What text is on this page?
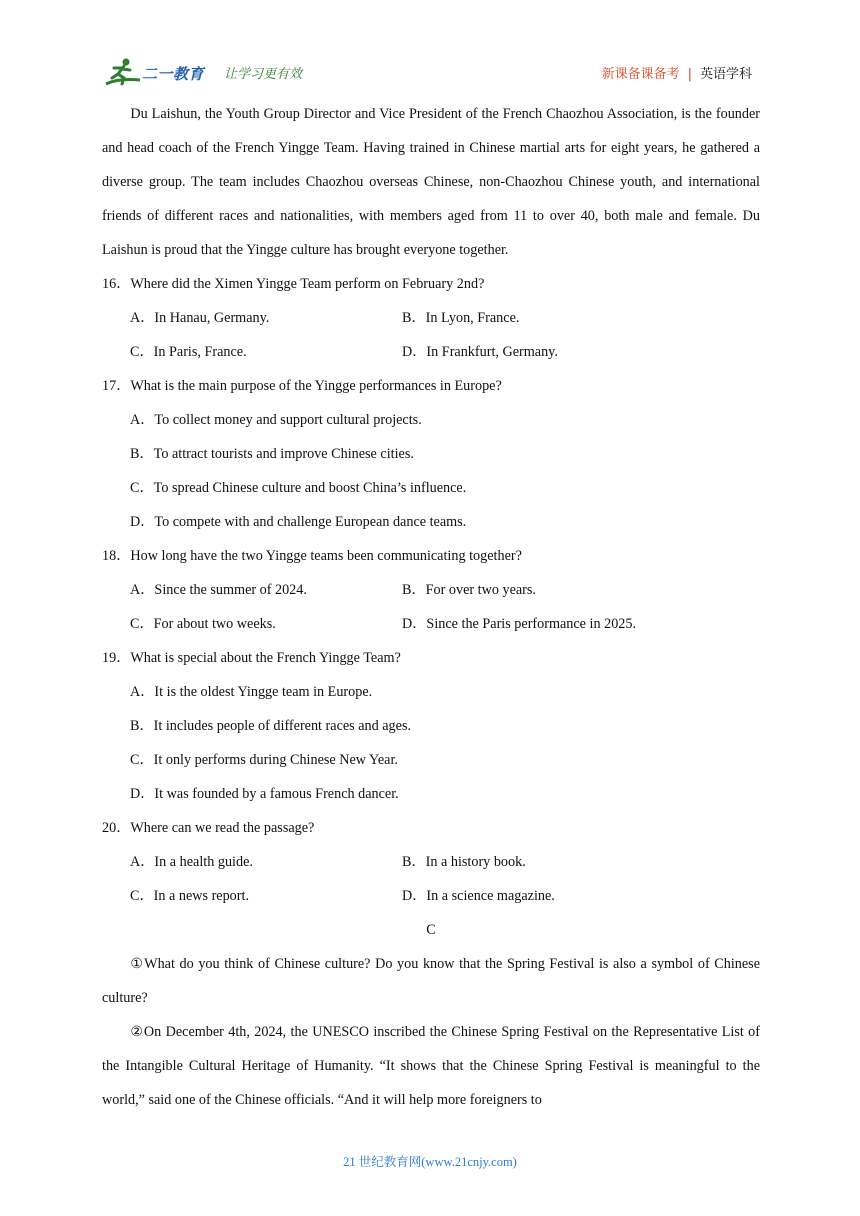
二一教育 让学习更有效	新课备课备考 | 英语学科

Du Laishun, the Youth Group Director and Vice President of the French Chaozhou Association, is the founder and head coach of the French Yingge Team. Having trained in Chinese martial arts for eight years, he gathered a diverse group. The team includes Chaozhou overseas Chinese, non-Chaozhou Chinese youth, and international friends of different races and nationalities, with members aged from 11 to over 40, both male and female. Du Laishun is proud that the Yingge culture has brought everyone together.

16．Where did the Ximen Yingge Team perform on February 2nd?

A．In Hanau, Germany.	B．In Lyon, France.
C．In Paris, France.	D．In Frankfurt, Germany.

17．What is the main purpose of the Yingge performances in Europe?

A．To collect money and support cultural projects.

B．To attract tourists and improve Chinese cities.

C．To spread Chinese culture and boost China’s influence.

D．To compete with and challenge European dance teams.

18．How long have the two Yingge teams been communicating together?

A．Since the summer of 2024.	B．For over two years.
C．For about two weeks.	D．Since the Paris performance in 2025.

19．What is special about the French Yingge Team?

A．It is the oldest Yingge team in Europe.

B．It includes people of different races and ages.

C．It only performs during Chinese New Year.

D．It was founded by a famous French dancer.

20．Where can we read the passage?

A．In a health guide.	B．In a history book.
C．In a news report.	D．In a science magazine.

C

①What do you think of Chinese culture? Do you know that the Spring Festival is also a symbol of Chinese culture?

②On December 4th, 2024, the UNESCO inscribed the Chinese Spring Festival on the Representative List of the Intangible Cultural Heritage of Humanity. “It shows that the Chinese Spring Festival is meaningful to the world,” said one of the Chinese officials. “And it will help more foreigners to

21 世纪教育网(www.21cnjy.com)
